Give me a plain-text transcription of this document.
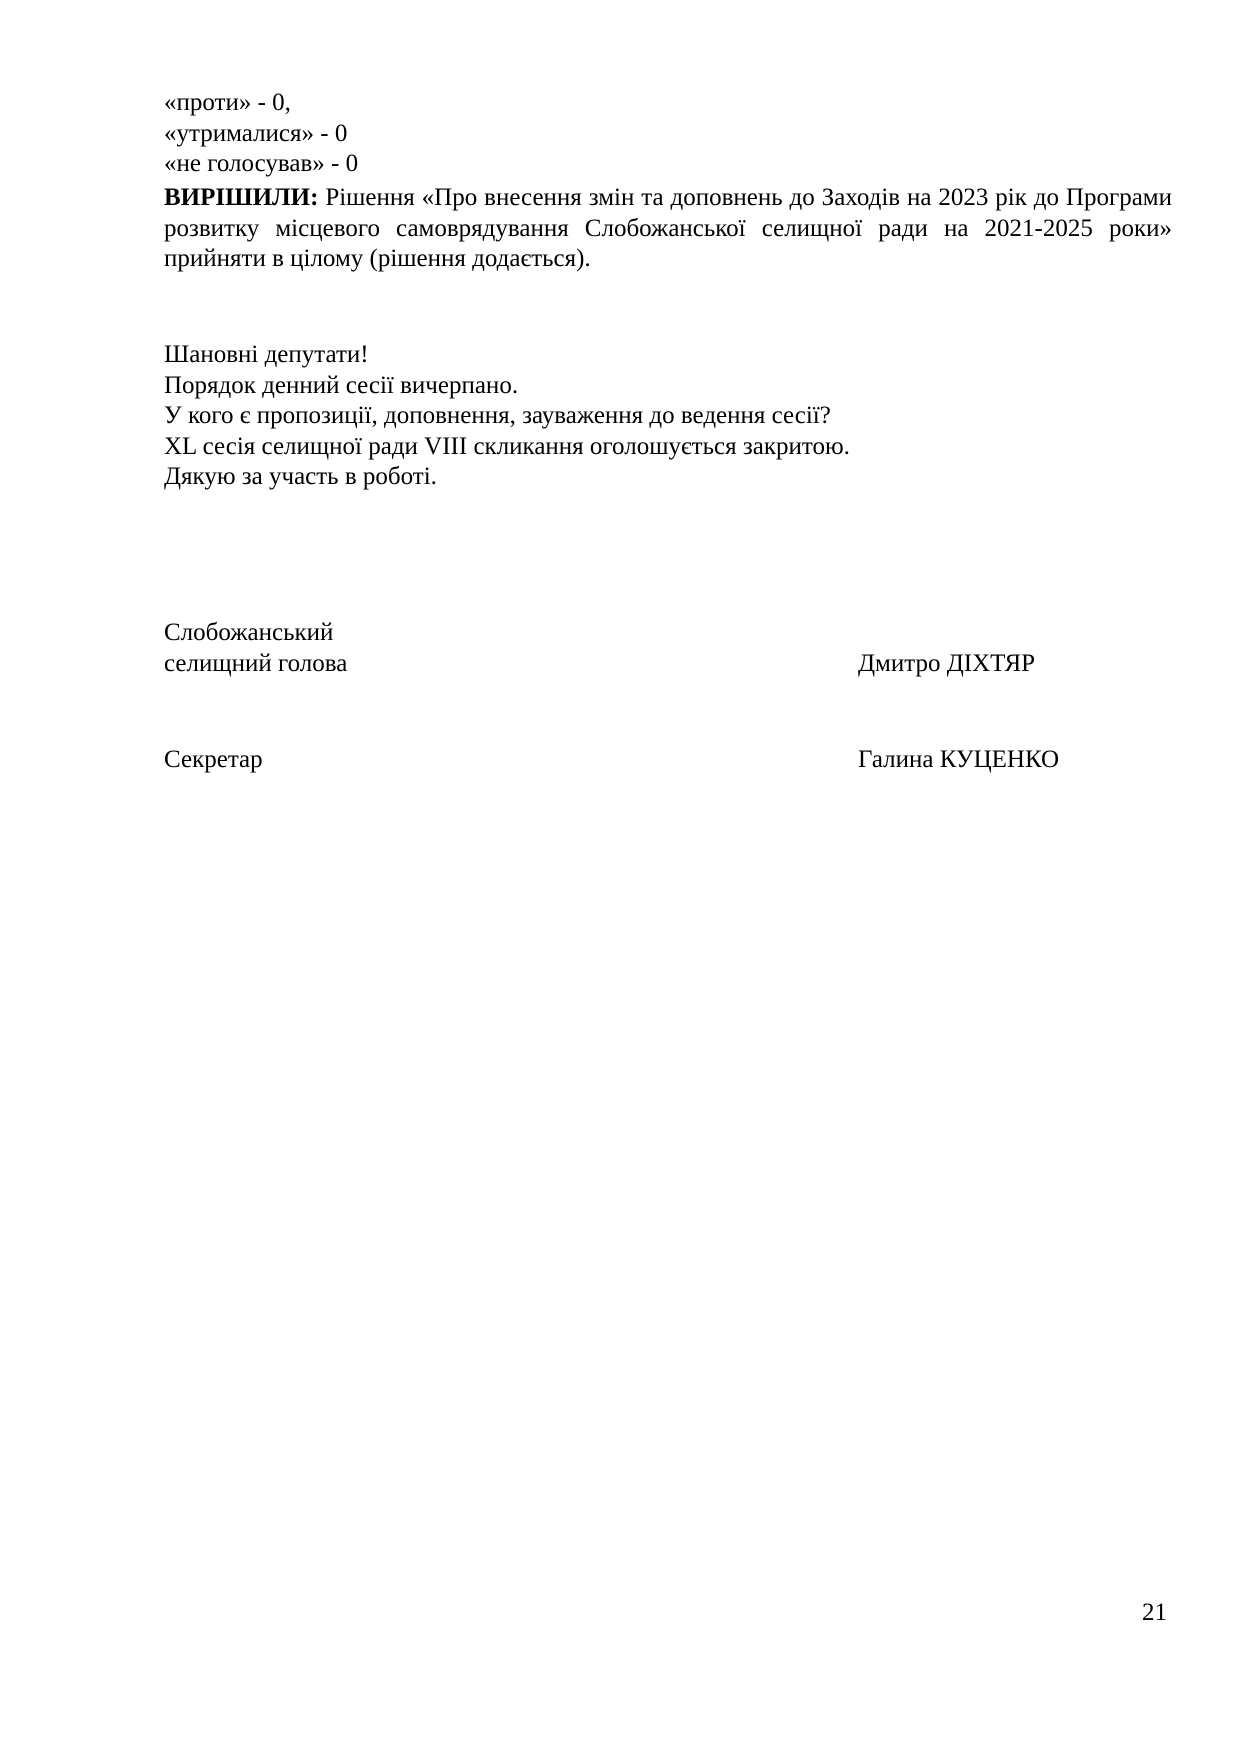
«проти» - 0,
«утрималися» - 0
«не голосував» - 0
ВИРІШИЛИ: Рішення «Про внесення змін та доповнень до Заходів на 2023 рік до Програми розвитку місцевого самоврядування Слобожанської селищної ради на 2021-2025 роки» прийняти в цілому (рішення додається).
Шановні депутати!
Порядок денний сесії вичерпано.
У кого є пропозиції, доповнення, зауваження до ведення сесії?
XL сесія селищної ради VIII скликання оголошується закритою.
Дякую за участь в роботі.
Слобожанський
селищний голова	Дмитро ДІХТЯР
Секретар	Галина КУЦЕНКО
21
